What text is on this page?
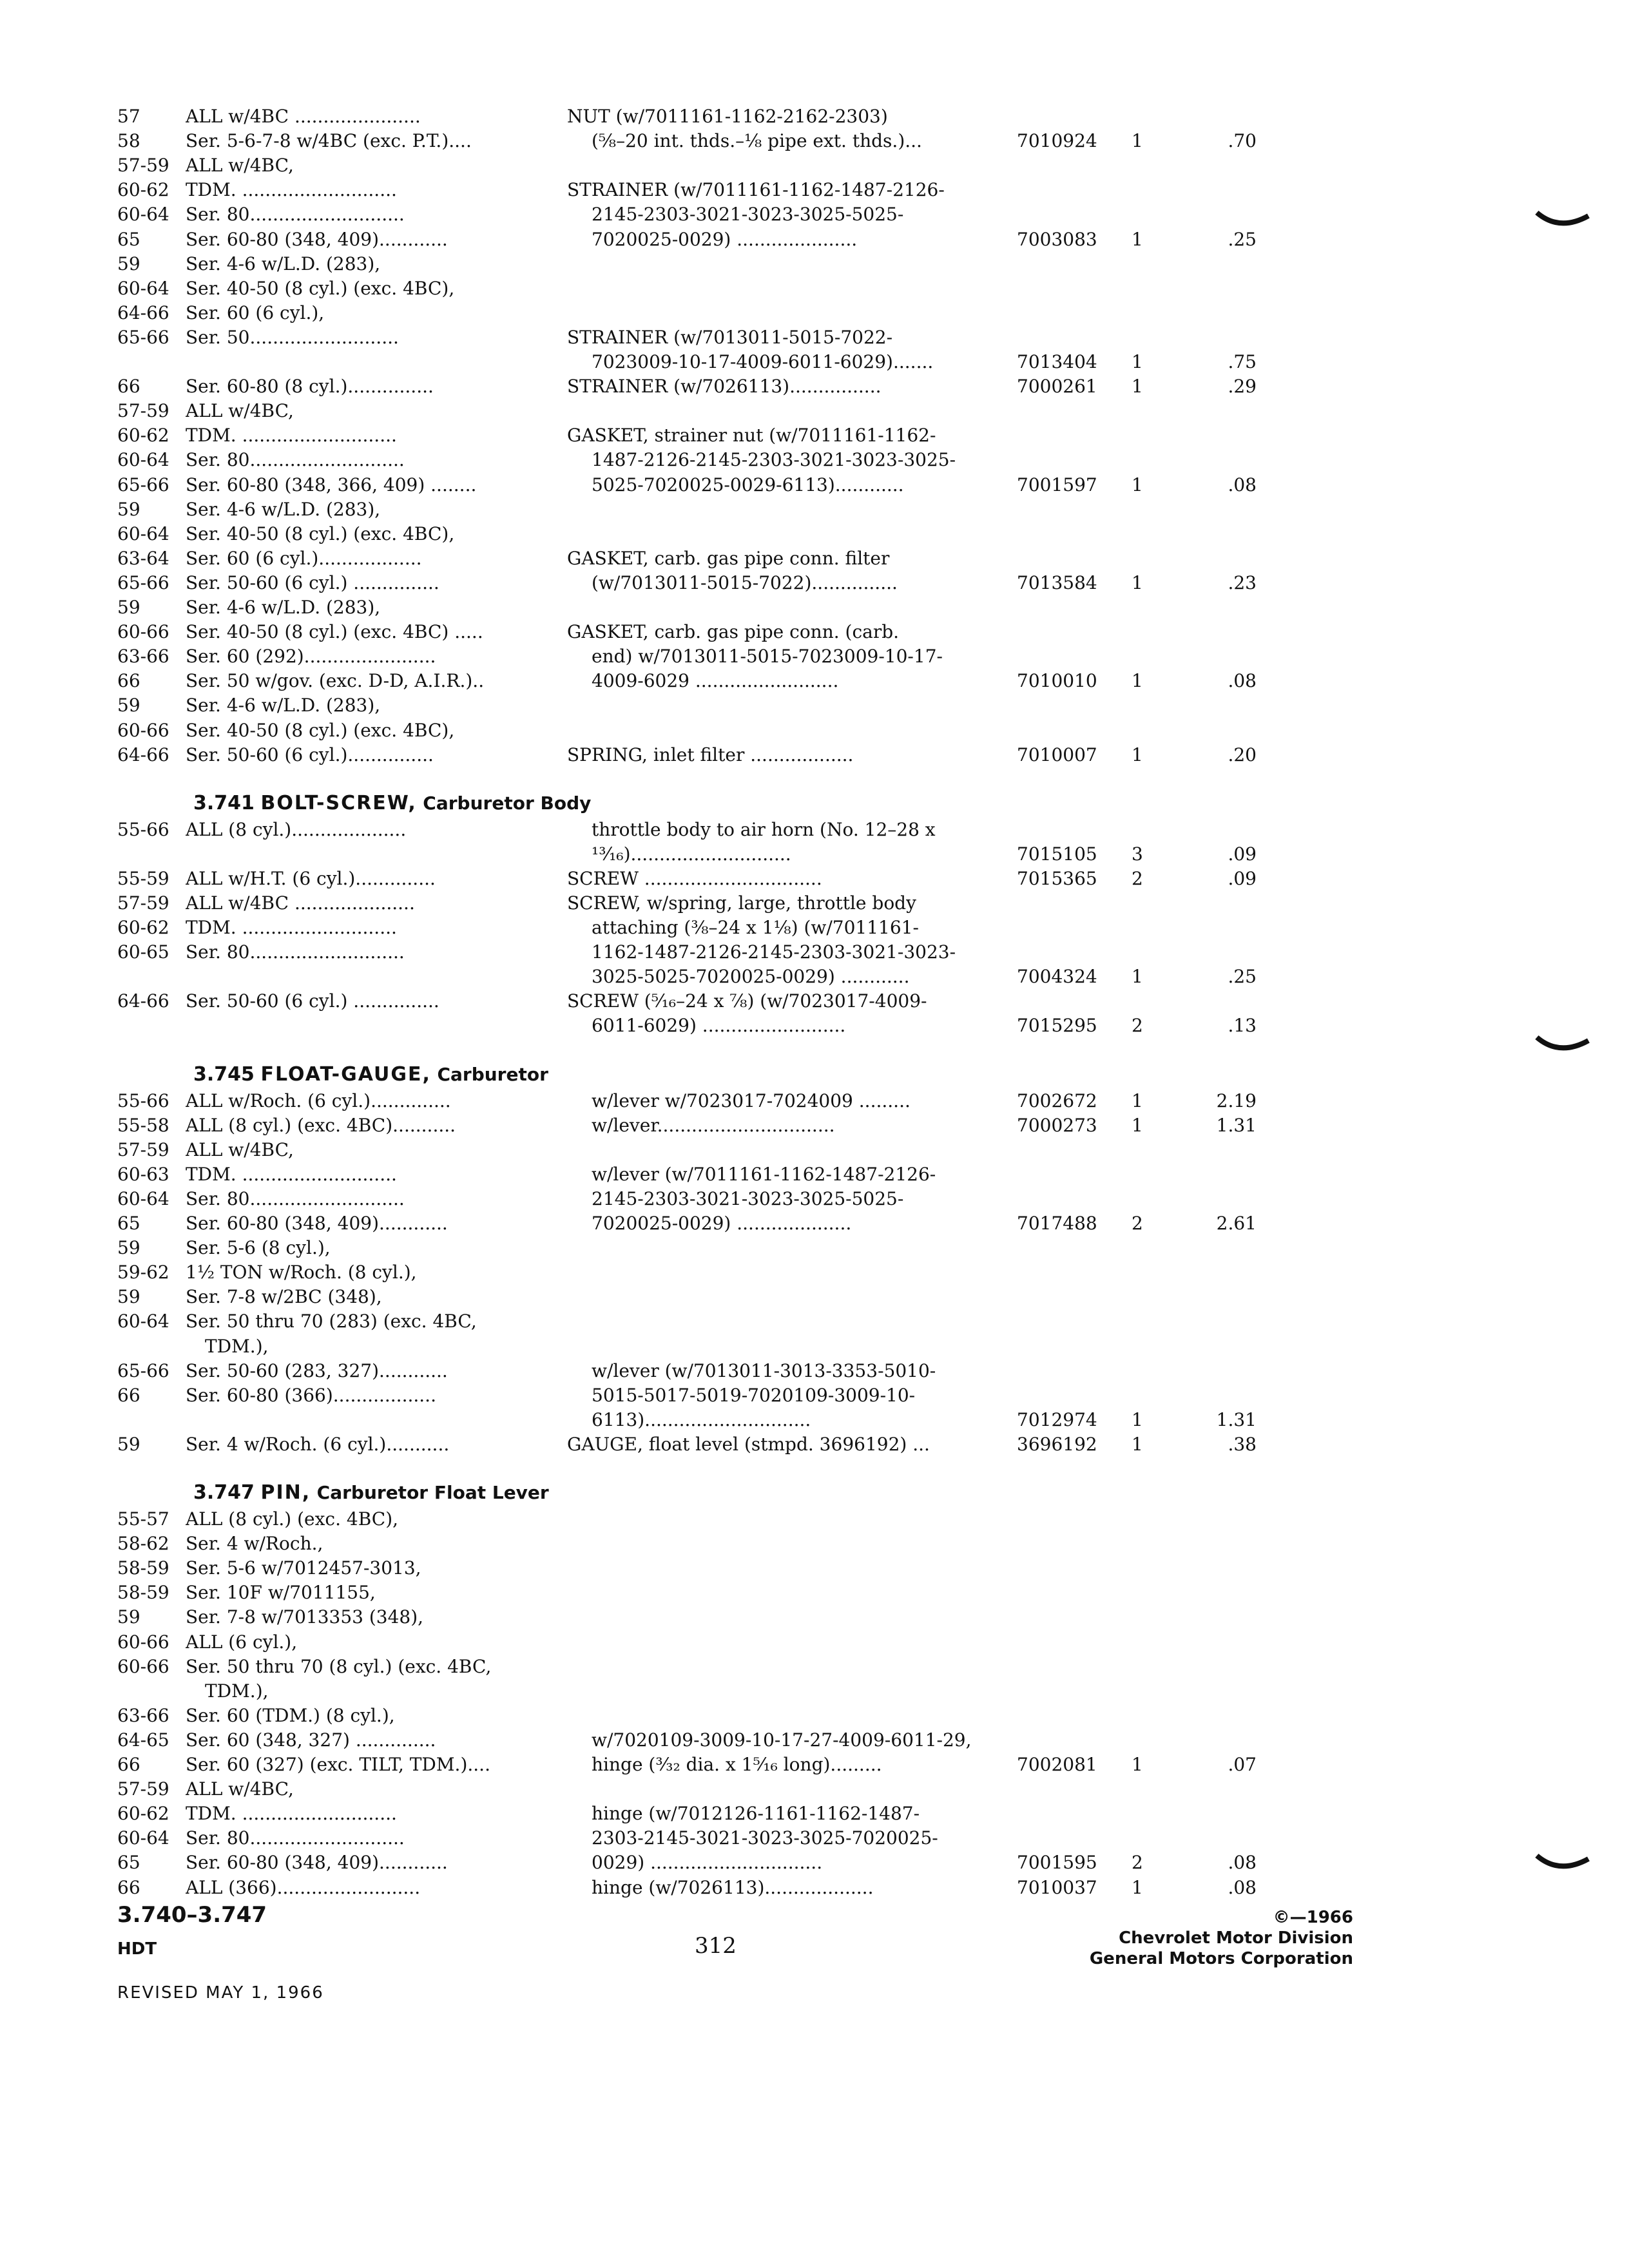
57	ALL w/4BC ......................	NUT (w/7011161-1162-2162-2303)
58	Ser. 5-6-7-8 w/4BC (exc. P.T.)....	(⅝–20 int. thds.–⅛ pipe ext. thds.)...	7010924	1	.70
57-59 ALL w/4BC,
60-62 TDM. ...........................	STRAINER (w/7011161-1162-1487-2126-
60-64 Ser. 80...........................	2145-2303-3021-3023-3025-5025-
65	Ser. 60-80 (348, 409)............	7020025-0029) .....................	7003083	1	.25
59	Ser. 4-6 w/L.D. (283),
60-64 Ser. 40-50 (8 cyl.) (exc. 4BC),
64-66 Ser. 60 (6 cyl.),
65-66 Ser. 50..........................	STRAINER (w/7013011-5015-7022-
7023009-10-17-4009-6011-6029).......	7013404	1	.75
66	Ser. 60-80 (8 cyl.)...............	STRAINER (w/7026113)................	7000261	1	.29
57-59 ALL w/4BC,
60-62 TDM. ...........................	GASKET, strainer nut (w/7011161-1162-
60-64 Ser. 80...........................	1487-2126-2145-2303-3021-3023-3025-
65-66 Ser. 60-80 (348, 366, 409) ........	5025-7020025-0029-6113)............	7001597	1	.08
59	Ser. 4-6 w/L.D. (283),
60-64 Ser. 40-50 (8 cyl.) (exc. 4BC),
63-64 Ser. 60 (6 cyl.)..................	GASKET, carb. gas pipe conn. filter
65-66 Ser. 50-60 (6 cyl.) ...............	(w/7013011-5015-7022)...............	7013584	1	.23
59	Ser. 4-6 w/L.D. (283),
60-66 Ser. 40-50 (8 cyl.) (exc. 4BC) .....	GASKET, carb. gas pipe conn. (carb.
63-66 Ser. 60 (292).......................	end) w/7013011-5015-7023009-10-17-
66	Ser. 50 w/gov. (exc. D-D, A.I.R.)..	4009-6029 .........................	7010010	1	.08
59	Ser. 4-6 w/L.D. (283),
60-66 Ser. 40-50 (8 cyl.) (exc. 4BC),
64-66 Ser. 50-60 (6 cyl.)...............	SPRING, inlet filter ..................	7010007	1	.20
3.741 BOLT-SCREW, Carburetor Body
55-66 ALL (8 cyl.)....................	throttle body to air horn (No. 12–28 x
¹³⁄₁₆)............................	7015105	3	.09
55-59 ALL w/H.T. (6 cyl.)..............	SCREW ...............................	7015365	2	.09
57-59 ALL w/4BC .....................	SCREW, w/spring, large, throttle body
60-62 TDM. ...........................	attaching (⅜–24 x 1⅛) (w/7011161-
60-65 Ser. 80...........................	1162-1487-2126-2145-2303-3021-3023-
3025-5025-7020025-0029) ............	7004324	1	.25
64-66 Ser. 50-60 (6 cyl.) ...............	SCREW (⁵⁄₁₆–24 x ⅞) (w/7023017-4009-
6011-6029) .........................	7015295	2	.13
3.745 FLOAT-GAUGE, Carburetor
55-66 ALL w/Roch. (6 cyl.)..............	w/lever w/7023017-7024009 .........	7002672	1	2.19
55-58 ALL (8 cyl.) (exc. 4BC)...........	w/lever...............................	7000273	1	1.31
57-59 ALL w/4BC,
60-63 TDM. ...........................	w/lever (w/7011161-1162-1487-2126-
60-64 Ser. 80...........................	2145-2303-3021-3023-3025-5025-
65	Ser. 60-80 (348, 409)............	7020025-0029) ....................	7017488	2	2.61
59	Ser. 5-6 (8 cyl.),
59-62 1½ TON w/Roch. (8 cyl.),
59	Ser. 7-8 w/2BC (348),
60-64 Ser. 50 thru 70 (283) (exc. 4BC,
TDM.),
65-66 Ser. 50-60 (283, 327)............	w/lever (w/7013011-3013-3353-5010-
66	Ser. 60-80 (366)..................	5015-5017-5019-7020109-3009-10-
6113).............................	7012974	1	1.31
59	Ser. 4 w/Roch. (6 cyl.)...........	GAUGE, float level (stmpd. 3696192) ...	3696192	1	.38
3.747 PIN, Carburetor Float Lever
55-57 ALL (8 cyl.) (exc. 4BC),
58-62 Ser. 4 w/Roch.,
58-59 Ser. 5-6 w/7012457-3013,
58-59 Ser. 10F w/7011155,
59	Ser. 7-8 w/7013353 (348),
60-66 ALL (6 cyl.),
60-66 Ser. 50 thru 70 (8 cyl.) (exc. 4BC,
TDM.),
63-66 Ser. 60 (TDM.) (8 cyl.),
64-65 Ser. 60 (348, 327) ..............	w/7020109-3009-10-17-27-4009-6011-29,
66	Ser. 60 (327) (exc. TILT, TDM.)....	hinge (³⁄₃₂ dia. x 1⁵⁄₁₆ long).........	7002081	1	.07
57-59 ALL w/4BC,
60-62 TDM. ...........................	hinge (w/7012126-1161-1162-1487-
60-64 Ser. 80...........................	2303-2145-3021-3023-3025-7020025-
65	Ser. 60-80 (348, 409)............	0029) ..............................	7001595	2	.08
66	ALL (366).........................	hinge (w/7026113)...................	7010037	1	.08
3.740–3.747
HDT
REVISED MAY 1, 1966
312
©—1966
Chevrolet Motor Division
General Motors Corporation
